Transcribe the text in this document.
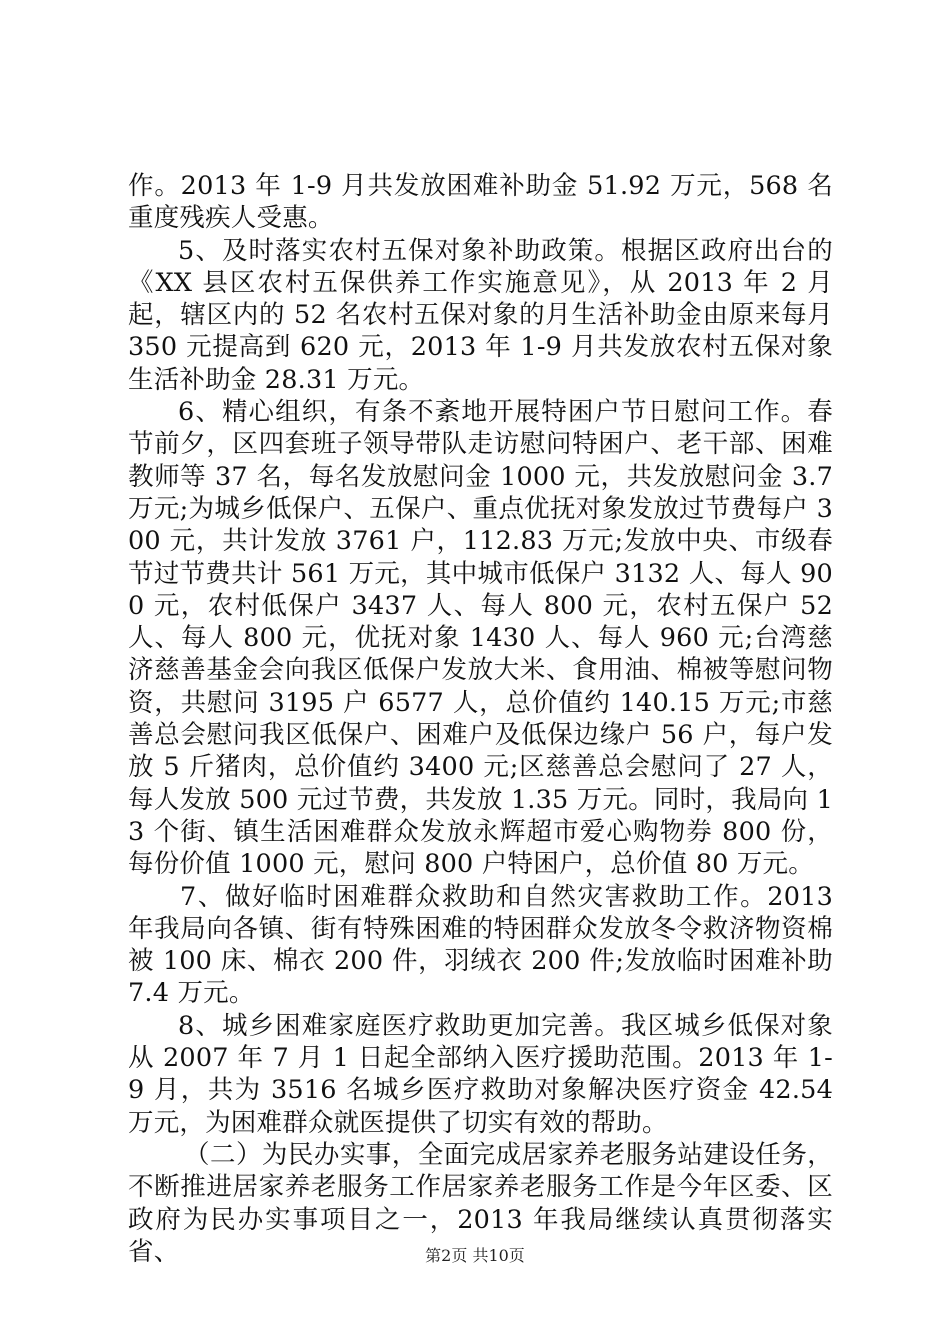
作。2013 年 1-9 月共发放困难补助金 51.92 万元，568 名重度残疾人受惠。

5、及时落实农村五保对象补助政策。根据区政府出台的《XX 县区农村五保供养工作实施意见》，从 2013 年 2 月起，辖区内的 52 名农村五保对象的月生活补助金由原来每月 350 元提高到 620 元，2013 年 1-9 月共发放农村五保对象生活补助金 28.31 万元。

6、精心组织，有条不紊地开展特困户节日慰问工作。春节前夕，区四套班子领导带队走访慰问特困户、老干部、困难教师等 37 名，每名发放慰问金 1000 元，共发放慰问金 3.7 万元;为城乡低保户、五保户、重点优抚对象发放过节费每户 300 元，共计发放 3761 户，112.83 万元;发放中央、市级春节过节费共计 561 万元，其中城市低保户 3132 人、每人 900 元，农村低保户 3437 人、每人 800 元，农村五保户 52 人、每人 800 元，优抚对象 1430 人、每人 960 元;台湾慈济慈善基金会向我区低保户发放大米、食用油、棉被等慰问物资，共慰问 3195 户 6577 人，总价值约 140.15 万元;市慈善总会慰问我区低保户、困难户及低保边缘户 56 户，每户发放 5 斤猪肉，总价值约 3400 元;区慈善总会慰问了 27 人，每人发放 500 元过节费，共发放 1.35 万元。同时，我局向 13 个街、镇生活困难群众发放永辉超市爱心购物券 800 份，每份价值 1000 元，慰问 800 户特困户，总价值 80 万元。

7、做好临时困难群众救助和自然灾害救助工作。2013 年我局向各镇、街有特殊困难的特困群众发放冬令救济物资棉被 100 床、棉衣 200 件，羽绒衣 200 件;发放临时困难补助 7.4 万元。

8、城乡困难家庭医疗救助更加完善。我区城乡低保对象从 2007 年 7 月 1 日起全部纳入医疗援助范围。2013 年 1-9 月，共为 3516 名城乡医疗救助对象解决医疗资金 42.54 万元，为困难群众就医提供了切实有效的帮助。

（二）为民办实事，全面完成居家养老服务站建设任务，不断推进居家养老服务工作居家养老服务工作是今年区委、区政府为民办实事项目之一，2013 年我局继续认真贯彻落实省、	第2页 共10页
